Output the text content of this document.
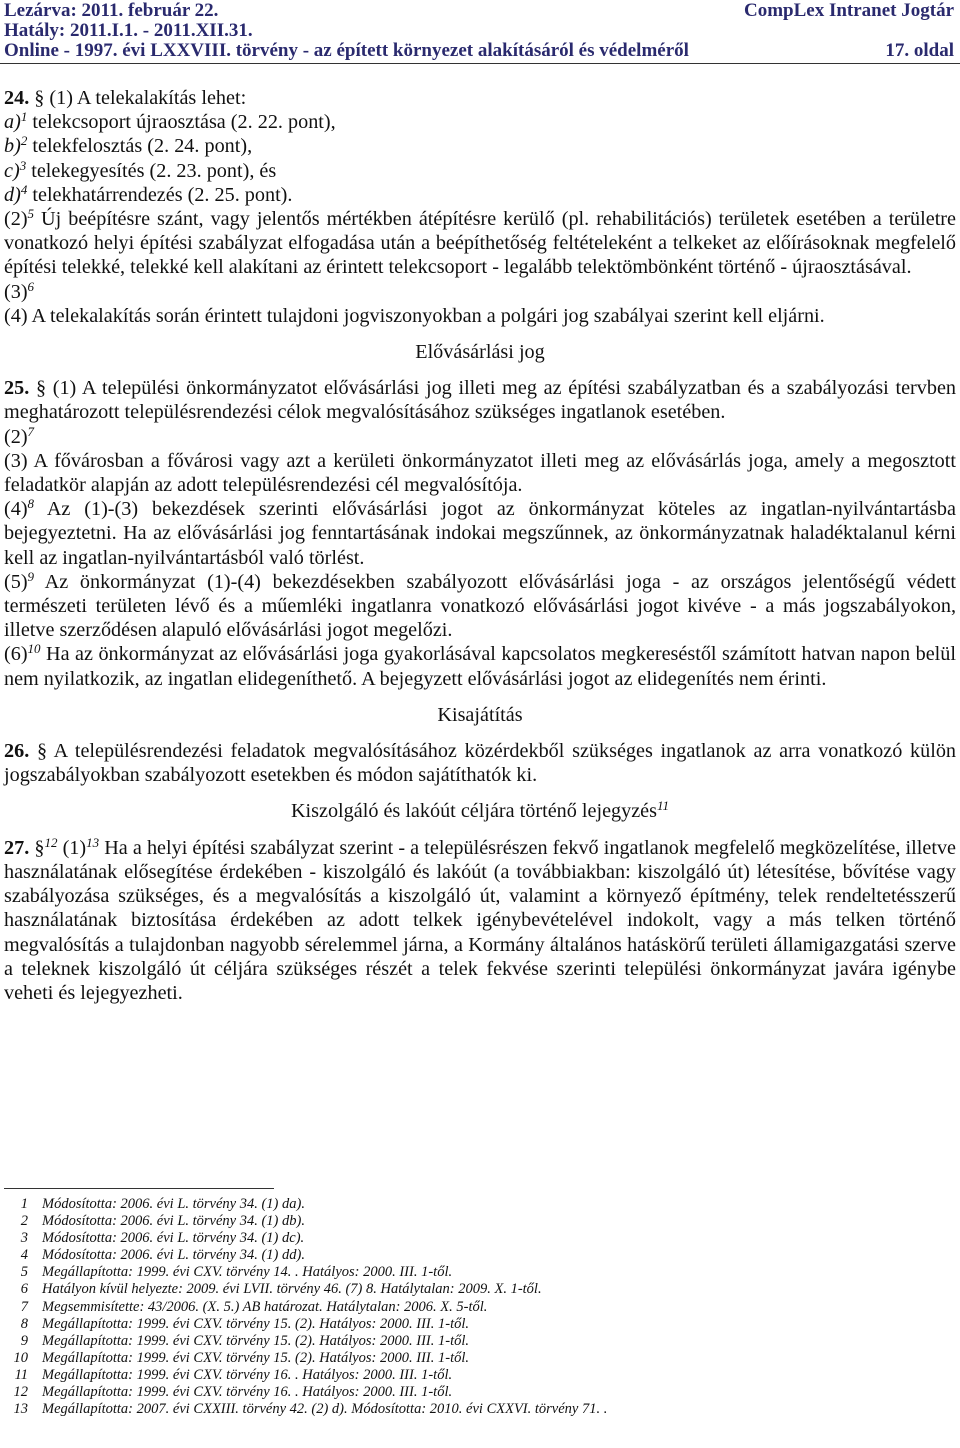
Lezárva: 2011. február 22.	CompLex Intranet Jogtár
Hatály: 2011.I.1. - 2011.XII.31.
Online - 1997. évi LXXVIII. törvény - az épített környezet alakításáról és védelméről	17. oldal

24. § (1) A telekalakítás lehet:

a)$^1$ telekcsoport újraosztása (2. 22. pont),

b)$^2$ telekfelosztás (2. 24. pont),

c)$^3$ telekegyesítés (2. 23. pont), és

d)$^4$ telekhatárrendezés (2. 25. pont).

$(2)^5$ Új beépítésre szánt, vagy jelentős mértékben átépítésre kerülő (pl. rehabilitációs) területek esetében a területre vonatkozó helyi építési szabályzat elfogadása után a beépíthetőség feltételeként a telkeket az előírásoknak megfelelő építési telekké, telekké kell alakítani az érintett telekcsoport - legalább telektömbönként történő - újraosztásával.

$(3)^6$

(4) A telekalakítás során érintett tulajdoni jogviszonyokban a polgári jog szabályai szerint kell eljárni.

Elővásárlási jog

25. § (1) A települési önkormányzatot elővásárlási jog illeti meg az építési szabályzatban és a szabályozási tervben meghatározott településrendezési célok megvalósításához szükséges ingatlanok esetében.

$(2)^7$

(3) A fővárosban a fővárosi vagy azt a kerületi önkormányzatot illeti meg az elővásárlás joga, amely a megosztott feladatkör alapján az adott településrendezési cél megvalósítója.

$(4)^8$ Az (1)-(3) bekezdések szerinti elővásárlási jogot az önkormányzat köteles az ingatlan-nyilvántartásba bejegyeztetni. Ha az elővásárlási jog fenntartásának indokai megszűnnek, az önkormányzatnak haladéktalanul kérni kell az ingatlan-nyilvántartásból való törlést.

$(5)^9$ Az önkormányzat (1)-(4) bekezdésekben szabályozott elővásárlási joga - az országos jelentőségű védett természeti területen lévő és a műemléki ingatlanra vonatkozó elővásárlási jogot kivéve - a más jogszabályokon, illetve szerződésen alapuló elővásárlási jogot megelőzi.

$(6)^{10}$ Ha az önkormányzat az elővásárlási joga gyakorlásával kapcsolatos megkereséstől számított hatvan napon belül nem nyilatkozik, az ingatlan elidegeníthető. A bejegyzett elővásárlási jogot az elidegenítés nem érinti.

Kisajátítás

26. § A településrendezési feladatok megvalósításához közérdekből szükséges ingatlanok az arra vonatkozó külön jogszabályokban szabályozott esetekben és módon sajátíthatók ki.

Kiszolgáló és lakóút céljára történő lejegyzés$^{11}$

27. §$^{12}$ $(1)^{13}$ Ha a helyi építési szabályzat szerint - a településrészen fekvő ingatlanok megfelelő megközelítése, illetve használatának elősegítése érdekében - kiszolgáló és lakóút (a továbbiakban: kiszolgáló út) létesítése, bővítése vagy szabályozása szükséges, és a megvalósítás a kiszolgáló út, valamint a környező építmény, telek rendeltetésszerű használatának biztosítása érdekében az adott telkek igénybevételével indokolt, vagy a más telken történő megvalósítás a tulajdonban nagyobb sérelemmel járna, a Kormány általános hatáskörű területi államigazgatási szerve a teleknek kiszolgáló út céljára szükséges részét a telek fekvése szerinti települési önkormányzat javára igénybe veheti és lejegyezheti.

1 Módosította: 2006. évi L. törvény 34. (1) da).
2 Módosította: 2006. évi L. törvény 34. (1) db).
3 Módosította: 2006. évi L. törvény 34. (1) dc).
4 Módosította: 2006. évi L. törvény 34. (1) dd).
5 Megállapította: 1999. évi CXV. törvény 14. . Hatályos: 2000. III. 1-től.
6 Hatályon kívül helyezte: 2009. évi LVII. törvény 46. (7) 8. Hatálytalan: 2009. X. 1-től.
7 Megsemmisítette: 43/2006. (X. 5.) AB határozat. Hatálytalan: 2006. X. 5-től.
8 Megállapította: 1999. évi CXV. törvény 15. (2). Hatályos: 2000. III. 1-től.
9 Megállapította: 1999. évi CXV. törvény 15. (2). Hatályos: 2000. III. 1-től.
10 Megállapította: 1999. évi CXV. törvény 15. (2). Hatályos: 2000. III. 1-től.
11 Megállapította: 1999. évi CXV. törvény 16. . Hatályos: 2000. III. 1-től.
12 Megállapította: 1999. évi CXV. törvény 16. . Hatályos: 2000. III. 1-től.
13 Megállapította: 2007. évi CXXIII. törvény 42. (2) d). Módosította: 2010. évi CXXVI. törvény 71. .
